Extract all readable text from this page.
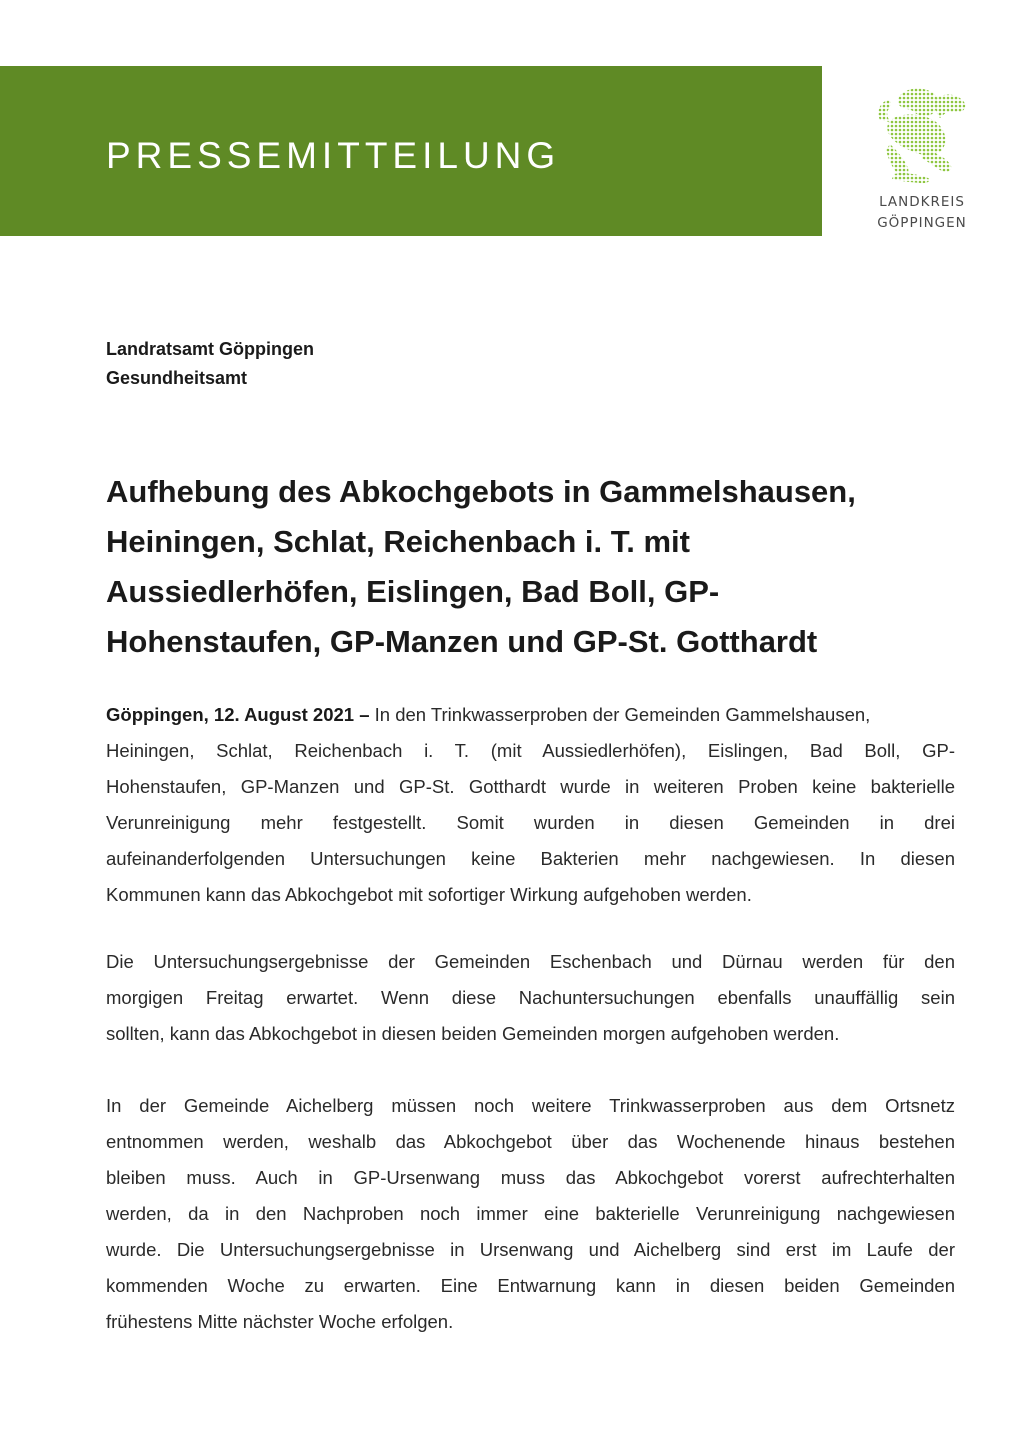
PRESSEMITTEILUNG
LANDKREIS
GÖPPINGEN
Landratsamt Göppingen
Gesundheitsamt
Aufhebung des Abkochgebots in Gammelshausen,
Heiningen, Schlat, Reichenbach i. T. mit
Aussiedlerhöfen, Eislingen, Bad Boll, GP-
Hohenstaufen, GP-Manzen und GP-St. Gotthardt
Göppingen, 12. August 2021 – In den Trinkwasserproben der Gemeinden Gammelshausen,
Heiningen, Schlat, Reichenbach i. T. (mit Aussiedlerhöfen), Eislingen, Bad Boll, GP-
Hohenstaufen, GP-Manzen und GP-St. Gotthardt wurde in weiteren Proben keine bakterielle
Verunreinigung mehr festgestellt. Somit wurden in diesen Gemeinden in drei
aufeinanderfolgenden Untersuchungen keine Bakterien mehr nachgewiesen. In diesen
Kommunen kann das Abkochgebot mit sofortiger Wirkung aufgehoben werden.
Die Untersuchungsergebnisse der Gemeinden Eschenbach und Dürnau werden für den
morgigen Freitag erwartet. Wenn diese Nachuntersuchungen ebenfalls unauffällig sein
sollten, kann das Abkochgebot in diesen beiden Gemeinden morgen aufgehoben werden.
In der Gemeinde Aichelberg müssen noch weitere Trinkwasserproben aus dem Ortsnetz
entnommen werden, weshalb das Abkochgebot über das Wochenende hinaus bestehen
bleiben muss. Auch in GP-Ursenwang muss das Abkochgebot vorerst aufrechterhalten
werden, da in den Nachproben noch immer eine bakterielle Verunreinigung nachgewiesen
wurde. Die Untersuchungsergebnisse in Ursenwang und Aichelberg sind erst im Laufe der
kommenden Woche zu erwarten. Eine Entwarnung kann in diesen beiden Gemeinden
frühestens Mitte nächster Woche erfolgen.
